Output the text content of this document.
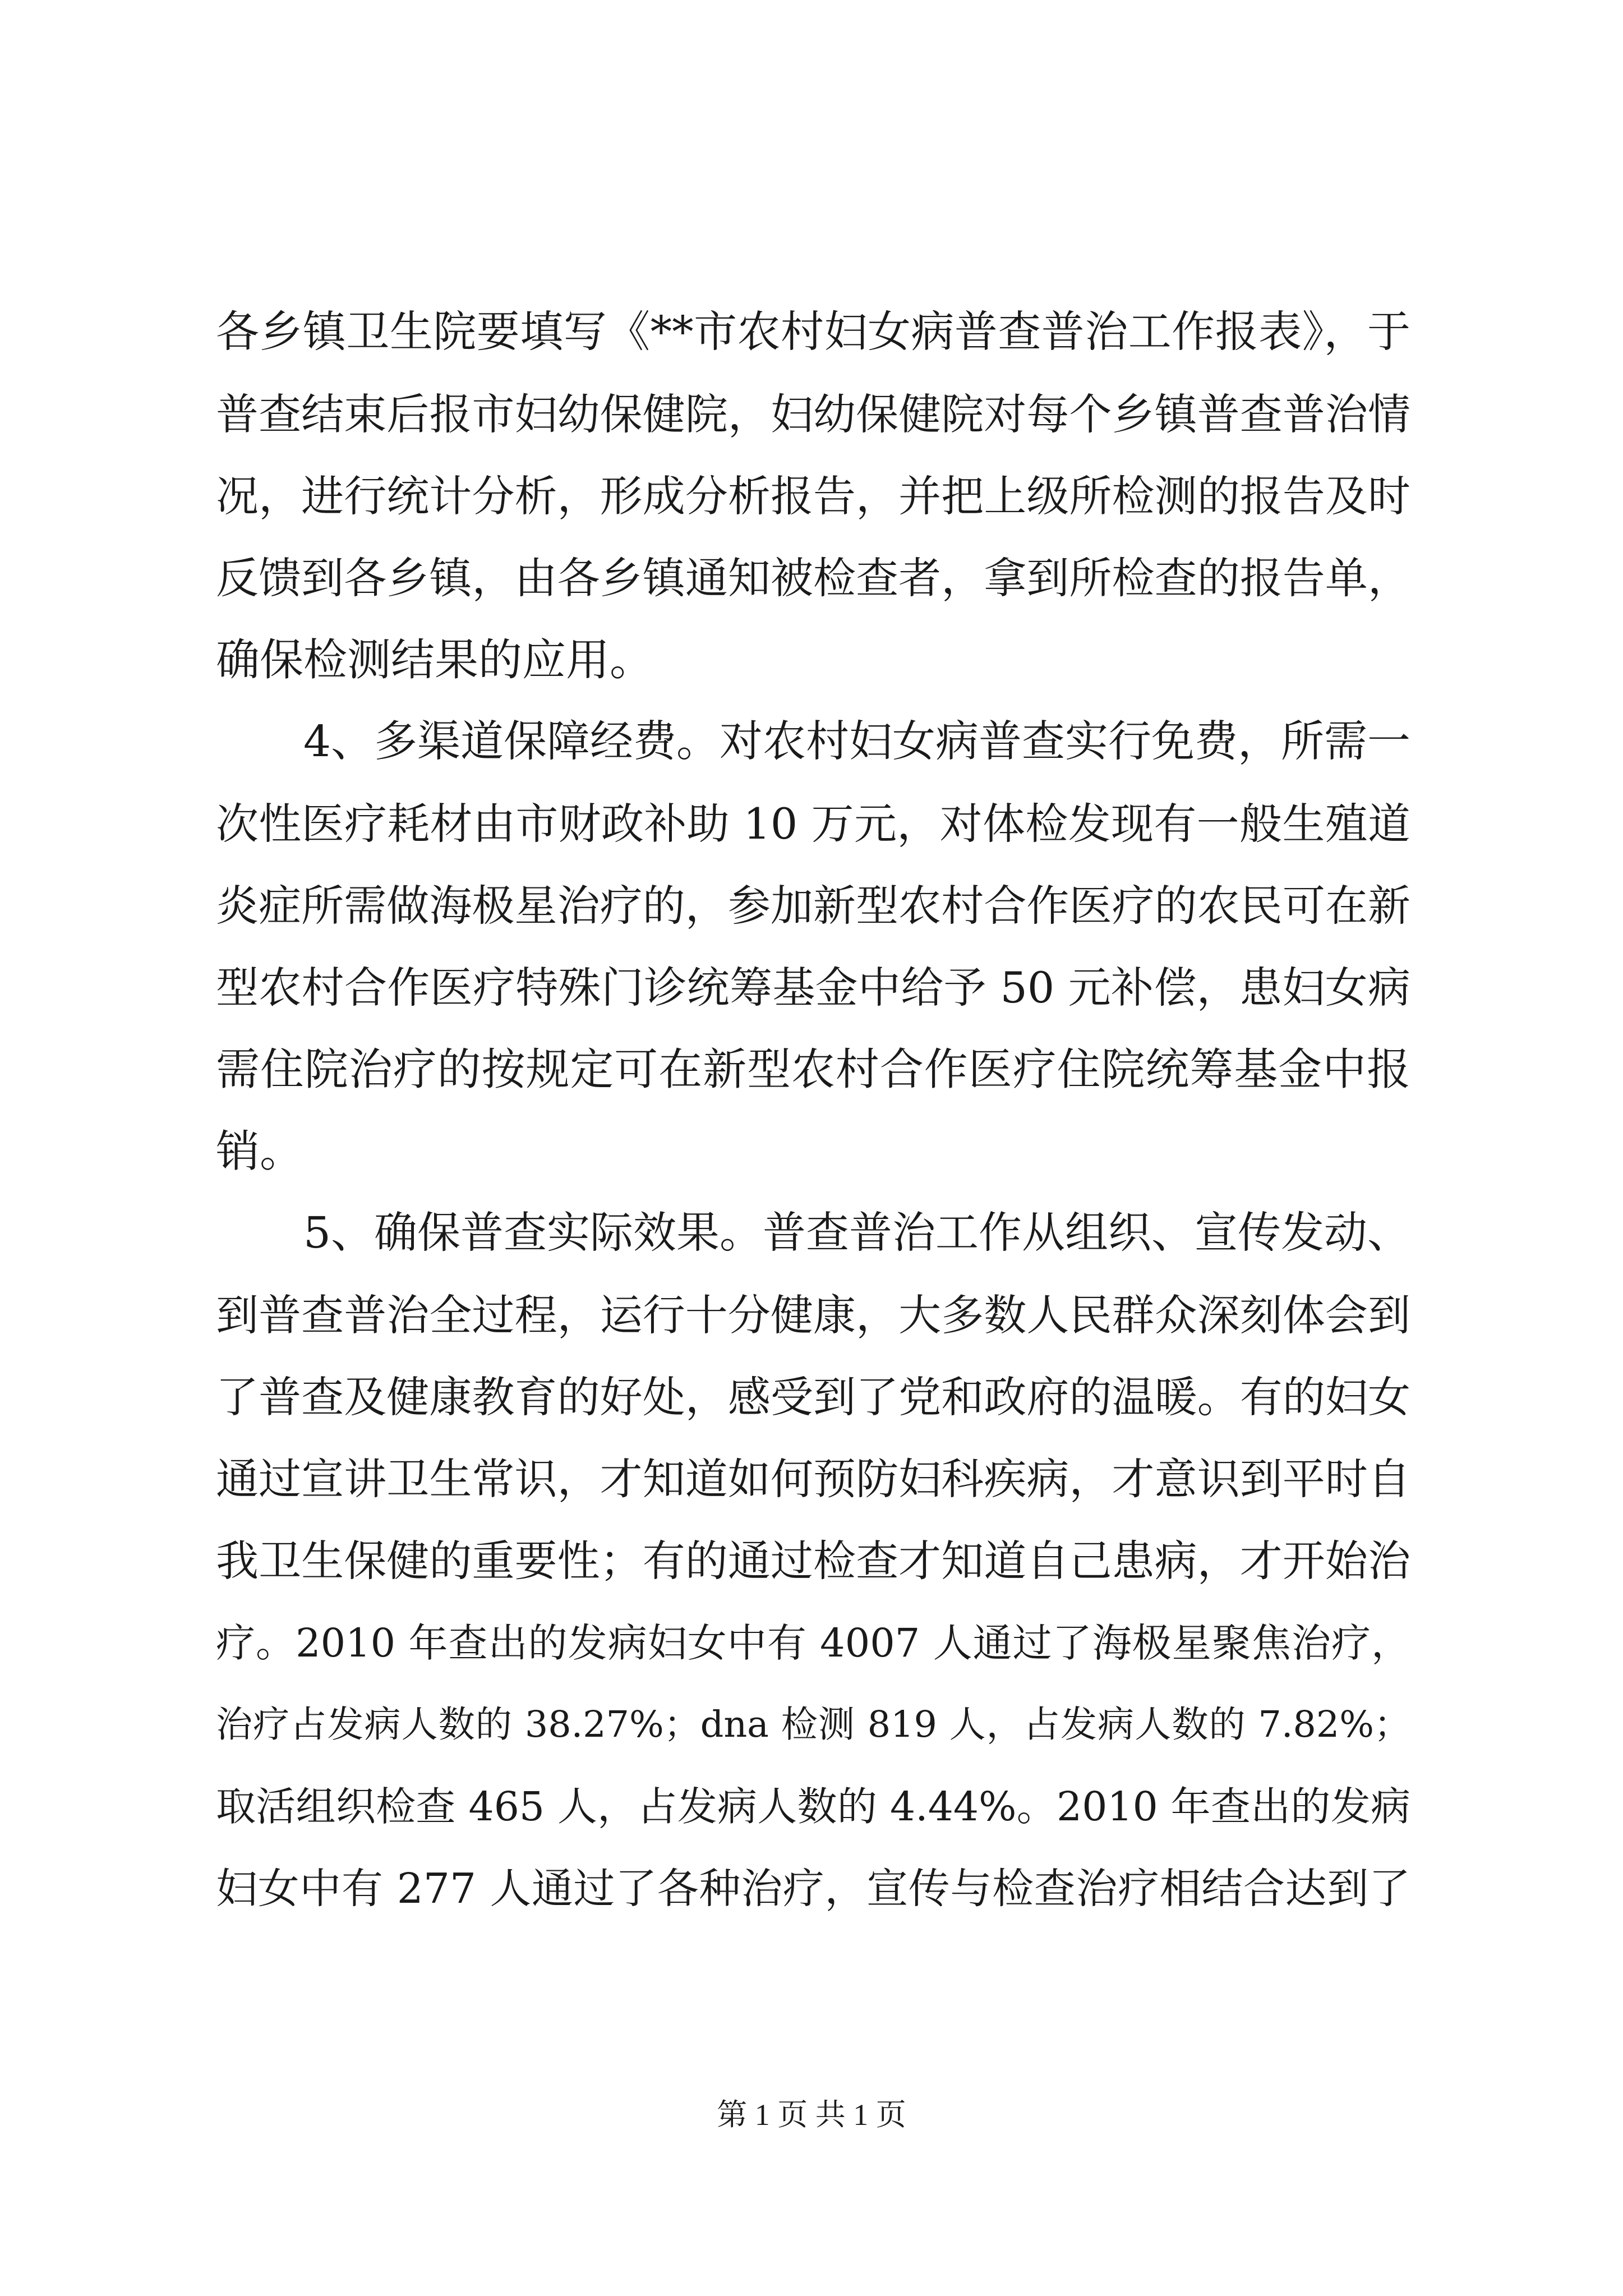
各乡镇卫生院要填写《**市农村妇女病普查普治工作报表》，于
普查结束后报市妇幼保健院，妇幼保健院对每个乡镇普查普治情
况，进行统计分析，形成分析报告，并把上级所检测的报告及时
反馈到各乡镇，由各乡镇通知被检查者，拿到所检查的报告单，
确保检测结果的应用。
4、多渠道保障经费。对农村妇女病普查实行免费，所需一
次性医疗耗材由市财政补助 10 万元，对体检发现有一般生殖道
炎症所需做海极星治疗的，参加新型农村合作医疗的农民可在新
型农村合作医疗特殊门诊统筹基金中给予 50 元补偿，患妇女病
需住院治疗的按规定可在新型农村合作医疗住院统筹基金中报
销。
5、确保普查实际效果。普查普治工作从组织、宣传发动、
到普查普治全过程，运行十分健康，大多数人民群众深刻体会到
了普查及健康教育的好处，感受到了党和政府的温暖。有的妇女
通过宣讲卫生常识，才知道如何预防妇科疾病，才意识到平时自
我卫生保健的重要性；有的通过检查才知道自己患病，才开始治
疗。2010 年查出的发病妇女中有 4007 人通过了海极星聚焦治疗，
治疗占发病人数的 38.27%；dna 检测 819 人，占发病人数的 7.82%；
取活组织检查 465 人，占发病人数的 4.44%。2010 年查出的发病
妇女中有 277 人通过了各种治疗，宣传与检查治疗相结合达到了
第 1 页 共 1 页
